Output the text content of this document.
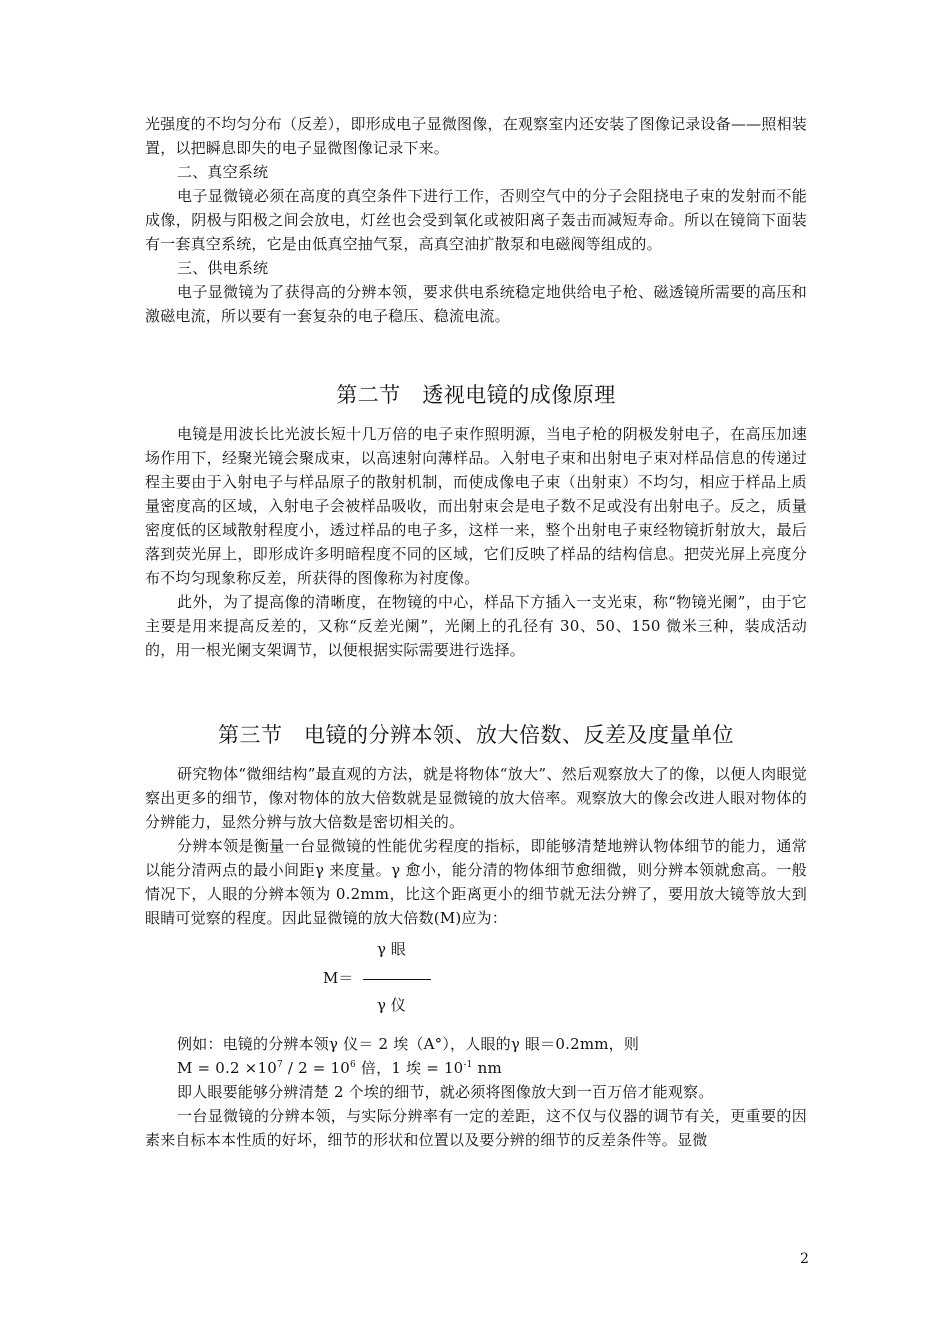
光强度的不均匀分布（反差），即形成电子显微图像，在观察室内还安装了图像记录设备——照相装置，以把瞬息即失的电子显微图像记录下来。

二、真空系统

电子显微镜必须在高度的真空条件下进行工作，否则空气中的分子会阻挠电子束的发射而不能成像，阴极与阳极之间会放电，灯丝也会受到氧化或被阳离子轰击而减短寿命。所以在镜筒下面装有一套真空系统，它是由低真空抽气泵，高真空油扩散泵和电磁阀等组成的。

三、供电系统

电子显微镜为了获得高的分辨本领，要求供电系统稳定地供给电子枪、磁透镜所需要的高压和激磁电流，所以要有一套复杂的电子稳压、稳流电流。

第二节　透视电镜的成像原理

电镜是用波长比光波长短十几万倍的电子束作照明源，当电子枪的阴极发射电子，在高压加速场作用下，经聚光镜会聚成束，以高速射向薄样品。入射电子束和出射电子束对样品信息的传递过程主要由于入射电子与样品原子的散射机制，而使成像电子束（出射束）不均匀，相应于样品上质量密度高的区域，入射电子会被样品吸收，而出射束会是电子数不足或没有出射电子。反之，质量密度低的区域散射程度小，透过样品的电子多，这样一来，整个出射电子束经物镜折射放大，最后落到荧光屏上，即形成许多明暗程度不同的区域，它们反映了样品的结构信息。把荧光屏上亮度分布不均匀现象称反差，所获得的图像称为衬度像。

此外，为了提高像的清晰度，在物镜的中心，样品下方插入一支光束，称“物镜光阑”，由于它主要是用来提高反差的，又称“反差光阑”，光阑上的孔径有 30、50、150 微米三种，装成活动的，用一根光阑支架调节，以便根据实际需要进行选择。

第三节　电镜的分辨本领、放大倍数、反差及度量单位

研究物体“微细结构”最直观的方法，就是将物体“放大”、然后观察放大了的像，以便人肉眼觉察出更多的细节，像对物体的放大倍数就是显微镜的放大倍率。观察放大的像会改进人眼对物体的分辨能力，显然分辨与放大倍数是密切相关的。

分辨本领是衡量一台显微镜的性能优劣程度的指标，即能够清楚地辨认物体细节的能力，通常以能分清两点的最小间距γ 来度量。γ 愈小，能分清的物体细节愈细微，则分辨本领就愈高。一般情况下，人眼的分辨本领为 0.2mm，比这个距离更小的细节就无法分辨了，要用放大镜等放大到眼睛可觉察的程度。因此显微镜的放大倍数(M)应为：

M＝
γ 眼
γ 仪

例如：电镜的分辨本领γ 仪＝ 2 埃（A°），人眼的γ 眼＝0.2mm，则

$M = 0.2 \times 10^7 / 2 = 10^6$ 倍，1 埃 = $10^{-1}$ nm

即人眼要能够分辨清楚 2 个埃的细节，就必须将图像放大到一百万倍才能观察。

一台显微镜的分辨本领，与实际分辨率有一定的差距，这不仅与仪器的调节有关，更重要的因素来自标本本性质的好坏，细节的形状和位置以及要分辨的细节的反差条件等。显微

2
